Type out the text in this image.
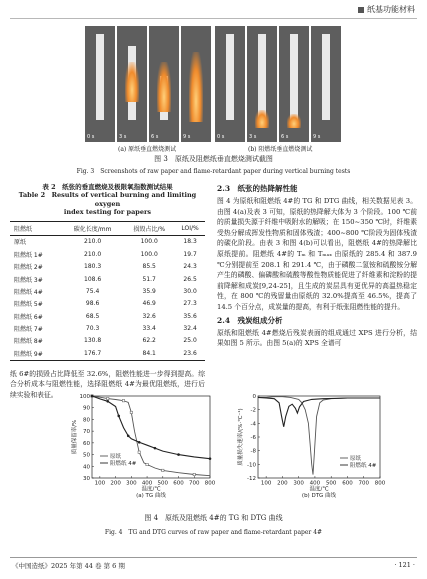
纸基功能材料
0 s	3 s	6 s	9 s	0 s	3 s	6 s	9 s
(a) 原纸垂直燃烧测试	(b) 阻燃纸垂直燃烧测试
图 3　原纸及阻燃纸垂直燃烧测试截图
Fig. 3　Screenshots of raw paper and flame-retardant paper during vertical burning tests
表 2　纸张的垂直燃烧及极限氧指数测试结果
Table 2　Results of vertical burning and limiting oxygen
index testing for papers
阻燃纸	碳化长度/mm	损毁占比/%	LOI/%
原纸	210.0	100.0	18.3
阻燃纸 1#	210.0	100.0	19.7
阻燃纸 2#	180.3	85.5	24.3
阻燃纸 3#	108.6	51.7	26.5
阻燃纸 4#	75.4	35.9	30.0
阻燃纸 5#	98.6	46.9	27.3
阻燃纸 6#	68.5	32.6	35.6
阻燃纸 7#	70.3	33.4	32.4
阻燃纸 8#	130.8	62.2	25.0
阻燃纸 9#	176.7	84.1	23.6

纸 6#的损毁占比降低至 32.6%，阻燃性能进一步得到提高。综合分析成本与阻燃性能，选择阻燃纸 4#为最优阻燃纸，进行后续实验和表征。

2.3　纸张的热降解性能

图 4 为原纸和阻燃纸 4#的 TG 和 DTG 曲线，相关数据见表 3。由图 4(a)及表 3 可知，原纸的热降解大体为 3 个阶段。100 ℃前的质量损失源于纤维中吸附水的解吸；在 150~350 ℃时，纤维素受热分解成挥发性物质和固体残渣；400~800 ℃阶段为固体残渣的碳化阶段。由表 3 和图 4(b)可以看出，阻燃纸 4#的热降解比原纸提前。阻燃纸 4#的 Tₘ 和 Tₘₐₓ 由原纸的 285.4 和 387.9 ℃分别提前至 208.1 和 291.4 ℃，由于磷酸二氢铵和硫酸铵分解产生的磷酸、偏磷酸和硫酸等酸性物质能促进了纤维素和淀粉的提前降解和成炭[9,24-25]，且生成的炭层具有更优异的高温热稳定性，在 800 ℃的残留量由原纸的 32.0%提高至 46.5%，提高了 14.5 个百分点，成炭量的提高，有利于纸张阻燃性能的提升。

2.4　残炭组成分析

原纸和阻燃纸 4#燃烧后残炭表面的组成通过 XPS 进行分析，结果如图 5 所示。由图 5(a)的 XPS 全谱可

100 200 300 400 500 600 700 800
30
40
50
60
70
80
90
100
温度/℃
质量保留率/%
(a) TG 曲线
原纸
阻燃纸 4#
100 200 300 400 500 600 700 800
0
-2
-4
-6
-8
-10
-12
温度/℃
质量损失速率/(%·℃⁻¹)
(b) DTG 曲线
原纸
阻燃纸 4#
图 4　原纸及阻燃纸 4#的 TG 和 DTG 曲线
Fig. 4　TG and DTG curves of raw paper and flame-retardant paper 4#
《中国造纸》2025 年第 44 卷 第 6 期	· 121 ·
